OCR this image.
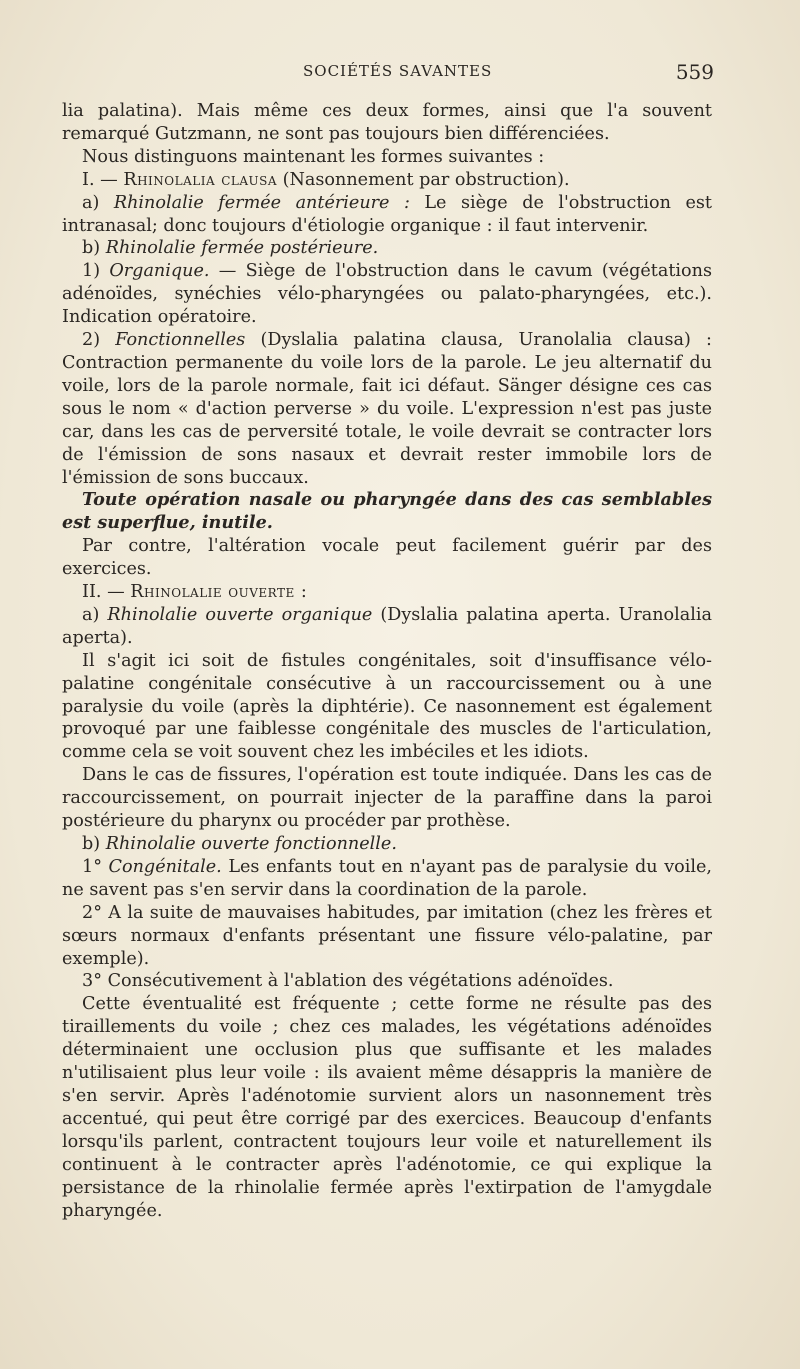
SOCIÉTÉS SAVANTES	559

lia palatina). Mais même ces deux formes, ainsi que l'a souvent remarqué Gutzmann, ne sont pas toujours bien différenciées.

Nous distinguons maintenant les formes suivantes :

I. — Rhinolalia clausa (Nasonnement par obstruction).

a) Rhinolalie fermée antérieure : Le siège de l'obstruction est intranasal; donc toujours d'étiologie organique : il faut intervenir.

b) Rhinolalie fermée postérieure.

1) Organique. — Siège de l'obstruction dans le cavum (végétations adénoïdes, synéchies vélo-pharyngées ou palato-pharyngées, etc.). Indication opératoire.

2) Fonctionnelles (Dyslalia palatina clausa, Uranolalia clausa) : Contraction permanente du voile lors de la parole. Le jeu alternatif du voile, lors de la parole normale, fait ici défaut. Sänger désigne ces cas sous le nom « d'action perverse » du voile. L'expression n'est pas juste car, dans les cas de perversité totale, le voile devrait se contracter lors de l'émission de sons nasaux et devrait rester immobile lors de l'émission de sons buccaux.

Toute opération nasale ou pharyngée dans des cas semblables est superflue, inutile.

Par contre, l'altération vocale peut facilement guérir par des exercices.

II. — Rhinolalie ouverte :

a) Rhinolalie ouverte organique (Dyslalia palatina aperta. Uranolalia aperta).

Il s'agit ici soit de fistules congénitales, soit d'insuffisance vélo-palatine congénitale consécutive à un raccourcissement ou à une paralysie du voile (après la diphtérie). Ce nasonnement est également provoqué par une faiblesse congénitale des muscles de l'articulation, comme cela se voit souvent chez les imbéciles et les idiots.

Dans le cas de fissures, l'opération est toute indiquée. Dans les cas de raccourcissement, on pourrait injecter de la paraffine dans la paroi postérieure du pharynx ou procéder par prothèse.

b) Rhinolalie ouverte fonctionnelle.

1° Congénitale. Les enfants tout en n'ayant pas de paralysie du voile, ne savent pas s'en servir dans la coordination de la parole.

2° A la suite de mauvaises habitudes, par imitation (chez les frères et sœurs normaux d'enfants présentant une fissure vélo-palatine, par exemple).

3° Consécutivement à l'ablation des végétations adénoïdes.

Cette éventualité est fréquente ; cette forme ne résulte pas des tiraillements du voile ; chez ces malades, les végétations adénoïdes déterminaient une occlusion plus que suffisante et les malades n'utilisaient plus leur voile : ils avaient même désappris la manière de s'en servir. Après l'adénotomie survient alors un nasonnement très accentué, qui peut être corrigé par des exercices. Beaucoup d'enfants lorsqu'ils parlent, contractent toujours leur voile et naturellement ils continuent à le contracter après l'adénotomie, ce qui explique la persistance de la rhinolalie fermée après l'extirpation de l'amygdale pharyngée.
